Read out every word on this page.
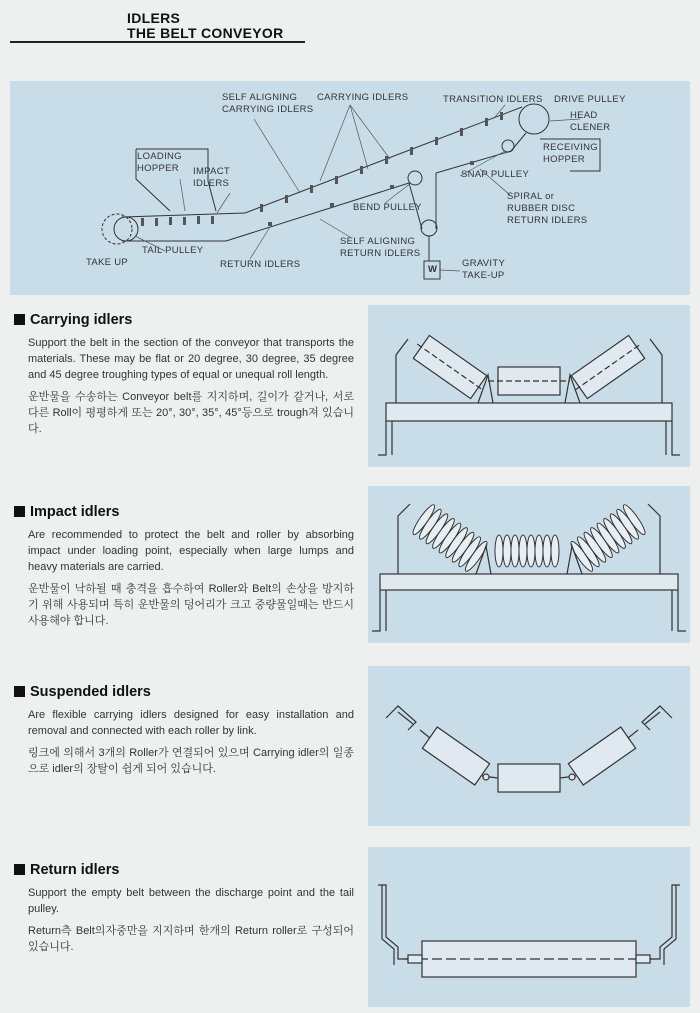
IDLERS
THE BELT CONVEYOR
SELF ALIGNING
CARRYING IDLERS
CARRYING IDLERS	TRANSITION IDLERS DRIVE PULLEY
HEAD
CLENER
RECEIVING
HOPPER
LOADING
HOPPER	IMPACT
IDLERS
SNAP PULLEY
SPIRAL or
RUBBER DISC
RETURN IDLERS
BEND PULLEY
SELF ALIGNING
RETURN IDLERS
TAKE UP
TAIL PULLEY
RETURN IDLERS	W
GRAVITY
TAKE-UP
Carrying idlers

Support the belt in the section of the conveyor that transports the materials. These may be flat or 20 degree, 30 degree, 35 degree and 45 degree troughing types of equal or unequal roll length.

운반물을 수송하는 Conveyor belt를 지지하며, 길이가 같거나, 서로 다른 Roll이 평평하게 또는 20°, 30°, 35°, 45°등으로 trough져 있습니다.

Impact idlers

Are recommended to protect the belt and roller by absorbing impact under loading point, especially when large lumps and heavy materials are carried.

운반물이 낙하될 때 충격을 흡수하여 Roller와 Belt의 손상을 방지하기 위해 사용되며 특히 운반물의 덩어리가 크고 중량물일때는 반드시 사용해야 합니다.

Suspended idlers

Are flexible carrying idlers designed for easy installation and removal and connected with each roller by link.

링크에 의해서 3개의 Roller가 연결되어 있으며 Carrying idler의 일종으로 idler의 장탈이 쉽게 되어 있습니다.

Return idlers

Support the empty belt between the discharge point and the tail pulley.

Return측 Belt의자중만을 지지하며 한개의 Return roller로 구성되어 있습니다.
